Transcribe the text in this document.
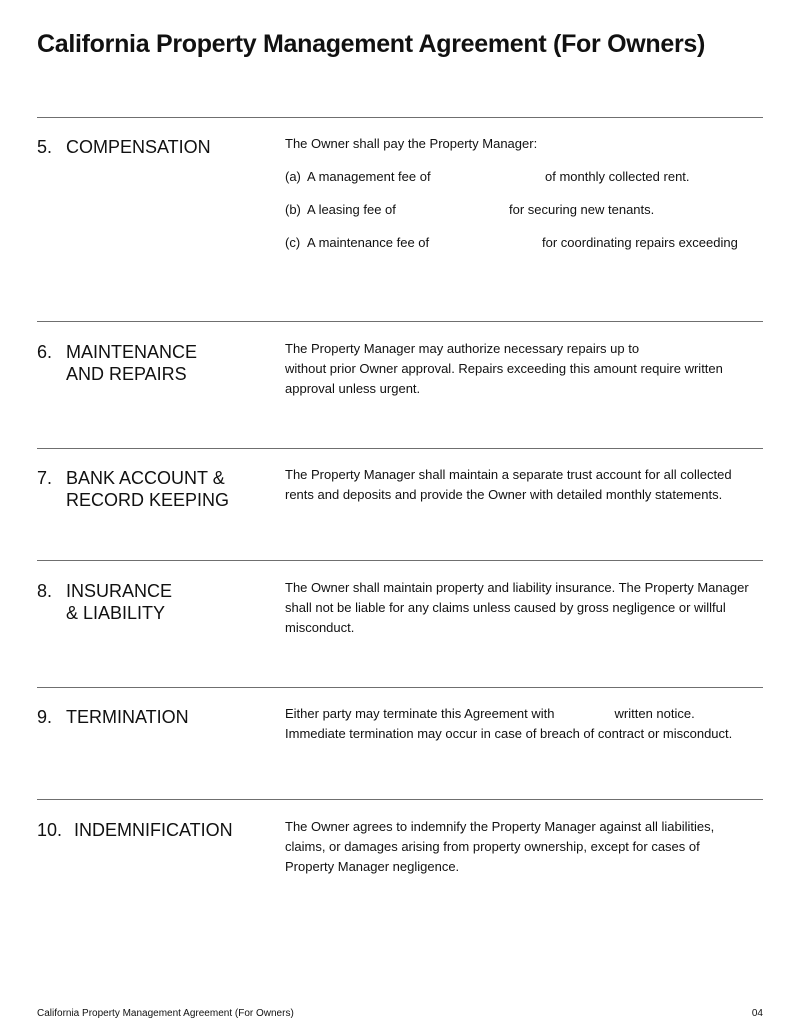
California Property Management Agreement (For Owners)
5. COMPENSATION	The Owner shall pay the Property Manager:

(a) A management fee of	of monthly collected rent.
(b) A leasing fee of	for securing new tenants.
(c) A maintenance fee of	for coordinating repairs exceeding
6. MAINTENANCE
AND REPAIRS

The Property Manager may authorize necessary repairs up to

without prior Owner approval. Repairs exceeding this amount require written approval unless urgent.

7. BANK ACCOUNT &
RECORD KEEPING

The Property Manager shall maintain a separate trust account for all collected rents and deposits and provide the Owner with detailed monthly statements.

8. INSURANCE
& LIABILITY

The Owner shall maintain property and liability insurance. The Property Manager shall not be liable for any claims unless caused by gross negligence or willful misconduct.

9. TERMINATION	Either party may terminate this Agreement with	written notice.

Immediate termination may occur in case of breach of contract or misconduct.

10. INDEMNIFICATION	The Owner agrees to indemnify the Property Manager against all liabilities, claims, or damages arising from property ownership, except for cases of Property Manager negligence.

California Property Management Agreement (For Owners)	04
